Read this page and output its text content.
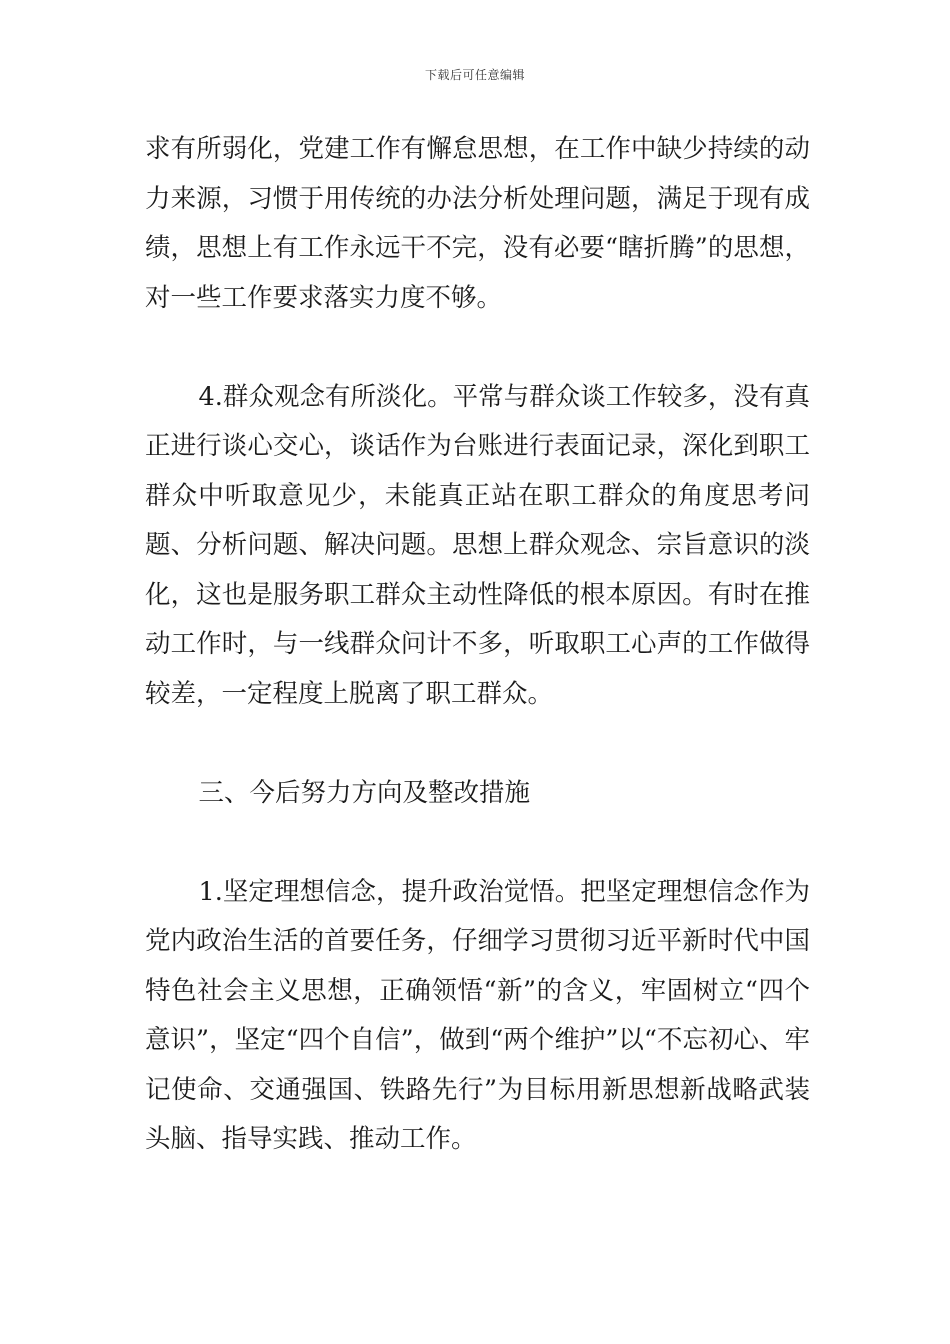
下载后可任意编辑

求有所弱化，党建工作有懈怠思想，在工作中缺少持续的动力来源，习惯于用传统的办法分析处理问题，满足于现有成绩，思想上有工作永远干不完，没有必要“瞎折腾”的思想，对一些工作要求落实力度不够。

4.群众观念有所淡化。平常与群众谈工作较多，没有真正进行谈心交心，谈话作为台账进行表面记录，深化到职工群众中听取意见少，未能真正站在职工群众的角度思考问题、分析问题、解决问题。思想上群众观念、宗旨意识的淡化，这也是服务职工群众主动性降低的根本原因。有时在推动工作时，与一线群众问计不多，听取职工心声的工作做得较差，一定程度上脱离了职工群众。

三、今后努力方向及整改措施

1.坚定理想信念，提升政治觉悟。把坚定理想信念作为党内政治生活的首要任务，仔细学习贯彻习近平新时代中国特色社会主义思想，正确领悟“新”的含义，牢固树立“四个意识”，坚定“四个自信”，做到“两个维护”以“不忘初心、牢记使命、交通强国、铁路先行”为目标用新思想新战略武装头脑、指导实践、推动工作。
